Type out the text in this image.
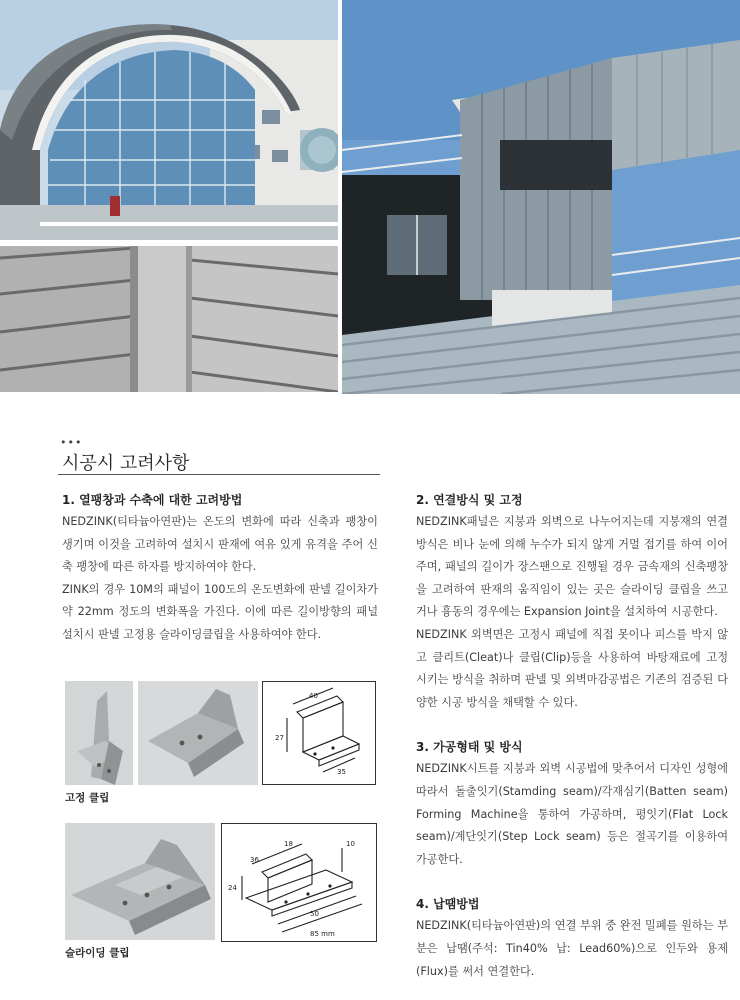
•••
시공시 고려사항
1. 열팽창과 수축에 대한 고려방법

NEDZINK(티타늄아연판)는 온도의 변화에 따라 신축과 팽창이 생기며 이것을 고려하여 설치시 판재에 여유 있게 유격을 주어 신축 팽창에 따른 하자를 방지하여야 한다.

ZINK의 경우 10M의 패널이 100도의 온도변화에 판넬 길이차가 약 22mm 정도의 변화폭을 가진다. 이에 따른 길이방향의 패널 설치시 판넬 고정용 슬라이딩클립을 사용하여야 한다.

40
27
35
고정 클립
36
18
24
50
85 mm
10
슬라이딩 클립
2. 연결방식 및 고정

NEDZINK패널은 지붕과 외벽으로 나누어지는데 지붕재의 연결방식은 비나 눈에 의해 누수가 되지 않게 거멀 접기를 하여 이어주며, 패널의 길이가 장스팬으로 진행될 경우 금속재의 신축팽창을 고려하여 판재의 움직임이 있는 곳은 슬라이딩 클립을 쓰고 거나 흉동의 경우에는 Expansion Joint을 설치하여 시공한다.

NEDZINK 외벽면은 고정시 패널에 직접 못이나 피스를 박지 않고 클리트(Cleat)나 클립(Clip)등을 사용하여 바탕재료에 고정시키는 방식을 취하며 판넬 및 외벽마감공법은 기존의 검증된 다양한 시공 방식을 채택할 수 있다.

3. 가공형태 및 방식

NEDZINK시트를 지붕과 외벽 시공법에 맞추어서 디자인 성형에 따라서 돌출잇기(Stamding seam)/각재심기(Batten seam) Forming Machine을 통하여 가공하며, 평잇기(Flat Lock seam)/계단잇기(Step Lock seam) 등은 절곡기를 이용하여 가공한다.

4. 납땜방법

NEDZINK(티타늄아연판)의 연결 부위 중 완전 밀폐를 원하는 부분은 납땜(주석: Tin40% 납: Lead60%)으로 인두와 용제(Flux)를 써서 연결한다.
